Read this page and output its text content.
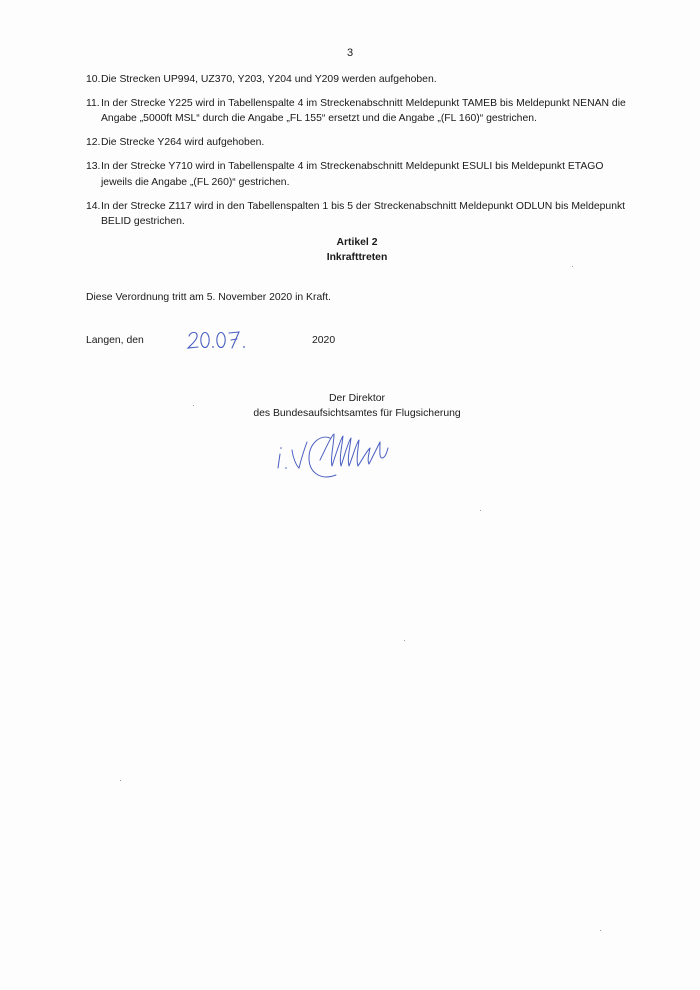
3
10. Die Strecken UP994, UZ370, Y203, Y204 und Y209 werden aufgehoben.
11. In der Strecke Y225 wird in Tabellenspalte 4 im Streckenabschnitt Meldepunkt TAMEB bis Meldepunkt NENAN die Angabe „5000ft MSL“ durch die Angabe „FL 155“ ersetzt und die Angabe „(FL 160)“ gestrichen.
12. Die Strecke Y264 wird aufgehoben.
13. In der Strecke Y710 wird in Tabellenspalte 4 im Streckenabschnitt Meldepunkt ESULI bis Meldepunkt ETAGO jeweils die Angabe „(FL 260)“ gestrichen.
14. In der Strecke Z117 wird in den Tabellenspalten 1 bis 5 der Streckenabschnitt Meldepunkt ODLUN bis Meldepunkt BELID gestrichen.
Artikel 2
Inkrafttreten
Diese Verordnung tritt am 5. November 2020 in Kraft.
Langen, den	2020
Der Direktor
des Bundesaufsichtsamtes für Flugsicherung
